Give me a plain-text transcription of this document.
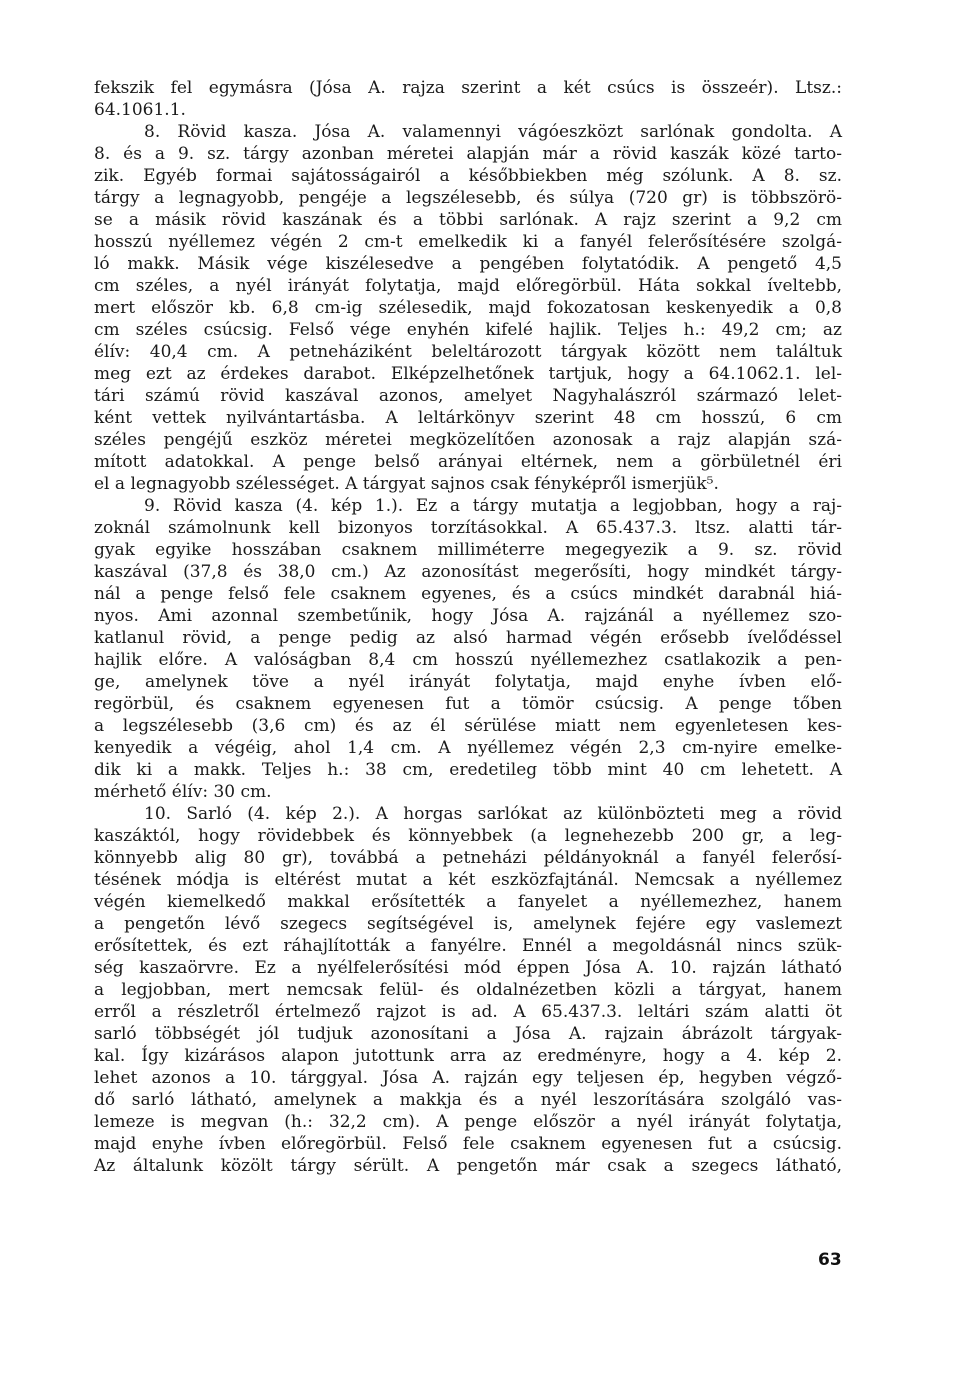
fekszik fel egymásra (Jósa A. rajza szerint a két csúcs is összeér). Ltsz.:
64.1061.1.
8. Rövid kasza. Jósa A. valamennyi vágóeszközt sarlónak gondolta. A
8. és a 9. sz. tárgy azonban méretei alapján már a rövid kaszák közé tarto-
zik. Egyéb formai sajátosságairól a későbbiekben még szólunk. A 8. sz.
tárgy a legnagyobb, pengéje a legszélesebb, és súlya (720 gr) is többszörö-
se a másik rövid kaszának és a többi sarlónak. A rajz szerint a 9,2 cm
hosszú nyéllemez végén 2 cm-t emelkedik ki a fanyél felerősítésére szolgá-
ló makk. Másik vége kiszélesedve a pengében folytatódik. A pengető 4,5
cm széles, a nyél irányát folytatja, majd előregörbül. Háta sokkal íveltebb,
mert először kb. 6,8 cm-ig szélesedik, majd fokozatosan keskenyedik a 0,8
cm széles csúcsig. Felső vége enyhén kifelé hajlik. Teljes h.: 49,2 cm; az
élív: 40,4 cm. A petneháziként beleltározott tárgyak között nem találtuk
meg ezt az érdekes darabot. Elképzelhetőnek tartjuk, hogy a 64.1062.1. lel-
tári számú rövid kaszával azonos, amelyet Nagyhalászról származó lelet-
ként vettek nyilvántartásba. A leltárkönyv szerint 48 cm hosszú, 6 cm
széles pengéjű eszköz méretei megközelítően azonosak a rajz alapján szá-
mított adatokkal. A penge belső arányai eltérnek, nem a görbületnél éri
el a legnagyobb szélességet. A tárgyat sajnos csak fényképről ismerjük⁵.
9. Rövid kasza (4. kép 1.). Ez a tárgy mutatja a legjobban, hogy a raj-
zoknál számolnunk kell bizonyos torzításokkal. A 65.437.3. ltsz. alatti tár-
gyak egyike hosszában csaknem milliméterre megegyezik a 9. sz. rövid
kaszával (37,8 és 38,0 cm.) Az azonosítást megerősíti, hogy mindkét tárgy-
nál a penge felső fele csaknem egyenes, és a csúcs mindkét darabnál hiá-
nyos. Ami azonnal szembetűnik, hogy Jósa A. rajzánál a nyéllemez szo-
katlanul rövid, a penge pedig az alsó harmad végén erősebb ívelődéssel
hajlik előre. A valóságban 8,4 cm hosszú nyéllemezhez csatlakozik a pen-
ge, amelynek töve a nyél irányát folytatja, majd enyhe ívben elő-
regörbül, és csaknem egyenesen fut a tömör csúcsig. A penge tőben
a legszélesebb (3,6 cm) és az él sérülése miatt nem egyenletesen kes-
kenyedik a végéig, ahol 1,4 cm. A nyéllemez végén 2,3 cm-nyire emelke-
dik ki a makk. Teljes h.: 38 cm, eredetileg több mint 40 cm lehetett. A
mérhető élív: 30 cm.
10. Sarló (4. kép 2.). A horgas sarlókat az különbözteti meg a rövid
kaszáktól, hogy rövidebbek és könnyebbek (a legnehezebb 200 gr, a leg-
könnyebb alig 80 gr), továbbá a petneházi példányoknál a fanyél felerősí-
tésének módja is eltérést mutat a két eszközfajtánál. Nemcsak a nyéllemez
végén kiemelkedő makkal erősítették a fanyelet a nyéllemezhez, hanem
a pengetőn lévő szegecs segítségével is, amelynek fejére egy vaslemezt
erősítettek, és ezt ráhajlították a fanyélre. Ennél a megoldásnál nincs szük-
ség kaszaörvre. Ez a nyélfelerősítési mód éppen Jósa A. 10. rajzán látható
a legjobban, mert nemcsak felül- és oldalnézetben közli a tárgyat, hanem
erről a részletről értelmező rajzot is ad. A 65.437.3. leltári szám alatti öt
sarló többségét jól tudjuk azonosítani a Jósa A. rajzain ábrázolt tárgyak-
kal. Így kizárásos alapon jutottunk arra az eredményre, hogy a 4. kép 2.
lehet azonos a 10. tárggyal. Jósa A. rajzán egy teljesen ép, hegyben végző-
dő sarló látható, amelynek a makkja és a nyél leszorítására szolgáló vas-
lemeze is megvan (h.: 32,2 cm). A penge először a nyél irányát folytatja,
majd enyhe ívben előregörbül. Felső fele csaknem egyenesen fut a csúcsig.
Az általunk közölt tárgy sérült. A pengetőn már csak a szegecs látható,
63
